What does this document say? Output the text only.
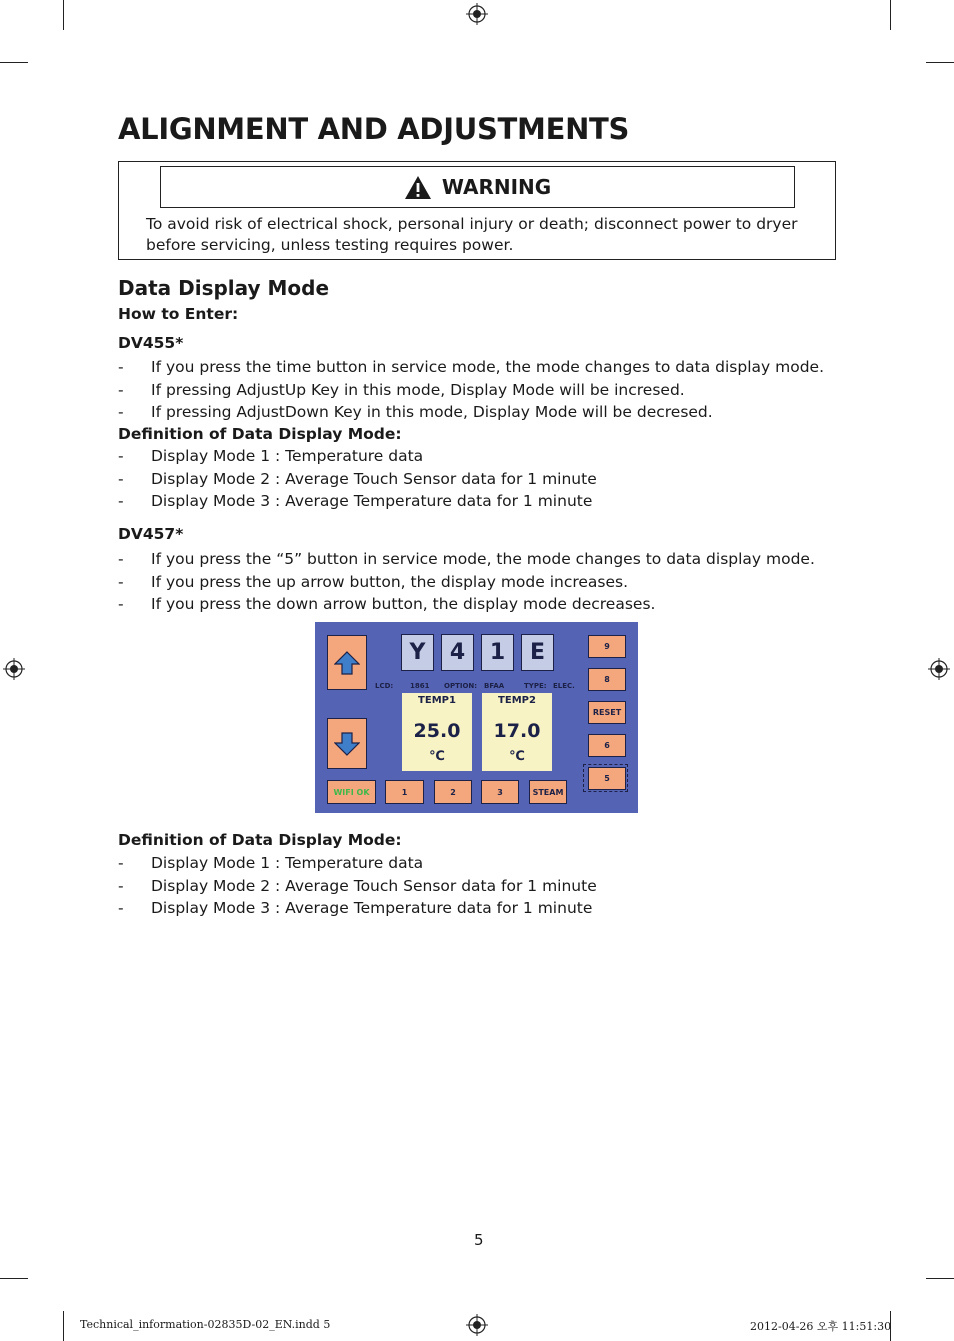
ALIGNMENT AND ADJUSTMENTS
WARNING

To avoid risk of electrical shock, personal injury or death; disconnect power to dryer before servicing, unless testing requires power.

Data Display Mode
How to Enter:
DV455*
- If you press the time button in service mode, the mode changes to data display mode.
- If pressing AdjustUp Key in this mode, Display Mode will be incresed.
- If pressing AdjustDown Key in this mode, Display Mode will be decresed.
Deﬁnition of Data Display Mode:
- Display Mode 1 : Temperature data
- Display Mode 2 : Average Touch Sensor data for 1 minute
- Display Mode 3 : Average Temperature data for 1 minute
DV457*
- If you press the “5” button in service mode, the mode changes to data display mode.
- If you press the up arrow button, the display mode increases.
- If you press the down arrow button, the display mode decreases.
Y	4	1	E
LCD: 1861 OPTION: BFAA	TYPE: ELEC.
TEMP1
25.0
℃
TEMP2
17.0
℃
9
8
RESET
6
5
WIFI OK	1	2	3	STEAM
Deﬁnition of Data Display Mode:
- Display Mode 1 : Temperature data
- Display Mode 2 : Average Touch Sensor data for 1 minute
- Display Mode 3 : Average Temperature data for 1 minute
5
Technical_information-02835D-02_EN.indd 5	2012-04-26 오후 11:51:30
